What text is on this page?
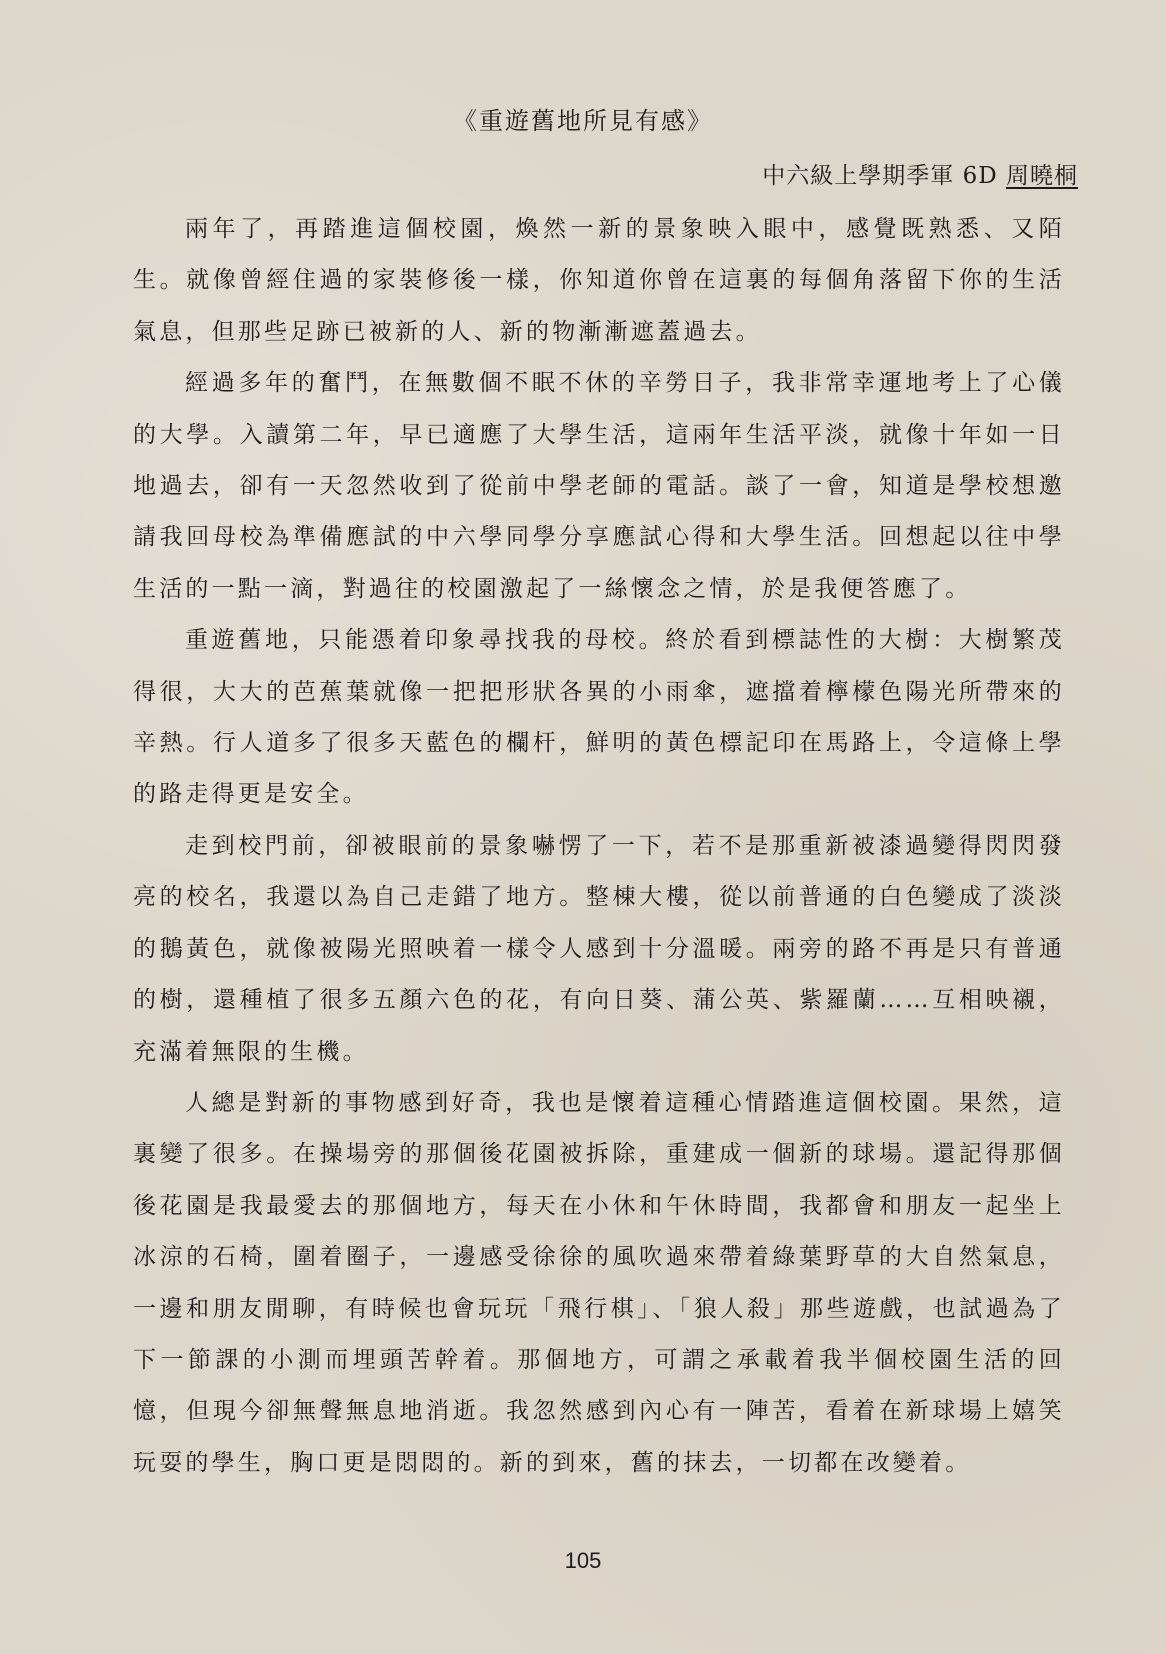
《重遊舊地所見有感》
中六級上學期季軍 6D 周曉桐

兩年了，再踏進這個校園，煥然一新的景象映入眼中，感覺既熟悉、又陌生。就像曾經住過的家裝修後一樣，你知道你曾在這裏的每個角落留下你的生活氣息，但那些足跡已被新的人、新的物漸漸遮蓋過去。

經過多年的奮鬥，在無數個不眠不休的辛勞日子，我非常幸運地考上了心儀的大學。入讀第二年，早已適應了大學生活，這兩年生活平淡，就像十年如一日地過去，卻有一天忽然收到了從前中學老師的電話。談了一會，知道是學校想邀請我回母校為準備應試的中六學同學分享應試心得和大學生活。回想起以往中學生活的一點一滴，對過往的校園激起了一絲懷念之情，於是我便答應了。

重遊舊地，只能憑着印象尋找我的母校。終於看到標誌性的大樹：大樹繁茂得很，大大的芭蕉葉就像一把把形狀各異的小雨傘，遮擋着檸檬色陽光所帶來的辛熱。行人道多了很多天藍色的欄杆，鮮明的黃色標記印在馬路上，令這條上學的路走得更是安全。

走到校門前，卻被眼前的景象嚇愣了一下，若不是那重新被漆過變得閃閃發亮的校名，我還以為自己走錯了地方。整棟大樓，從以前普通的白色變成了淡淡的鵝黃色，就像被陽光照映着一樣令人感到十分溫暖。兩旁的路不再是只有普通的樹，還種植了很多五顏六色的花，有向日葵、蒲公英、紫羅蘭……互相映襯，充滿着無限的生機。

人總是對新的事物感到好奇，我也是懷着這種心情踏進這個校園。果然，這裏變了很多。在操場旁的那個後花園被拆除，重建成一個新的球場。還記得那個後花園是我最愛去的那個地方，每天在小休和午休時間，我都會和朋友一起坐上冰涼的石椅，圍着圈子，一邊感受徐徐的風吹過來帶着綠葉野草的大自然氣息，一邊和朋友閒聊，有時候也會玩玩「飛行棋」、「狼人殺」那些遊戲，也試過為了下一節課的小測而埋頭苦幹着。那個地方，可謂之承載着我半個校園生活的回憶，但現今卻無聲無息地消逝。我忽然感到內心有一陣苦，看着在新球場上嬉笑玩耍的學生，胸口更是悶悶的。新的到來，舊的抹去，一切都在改變着。

105
